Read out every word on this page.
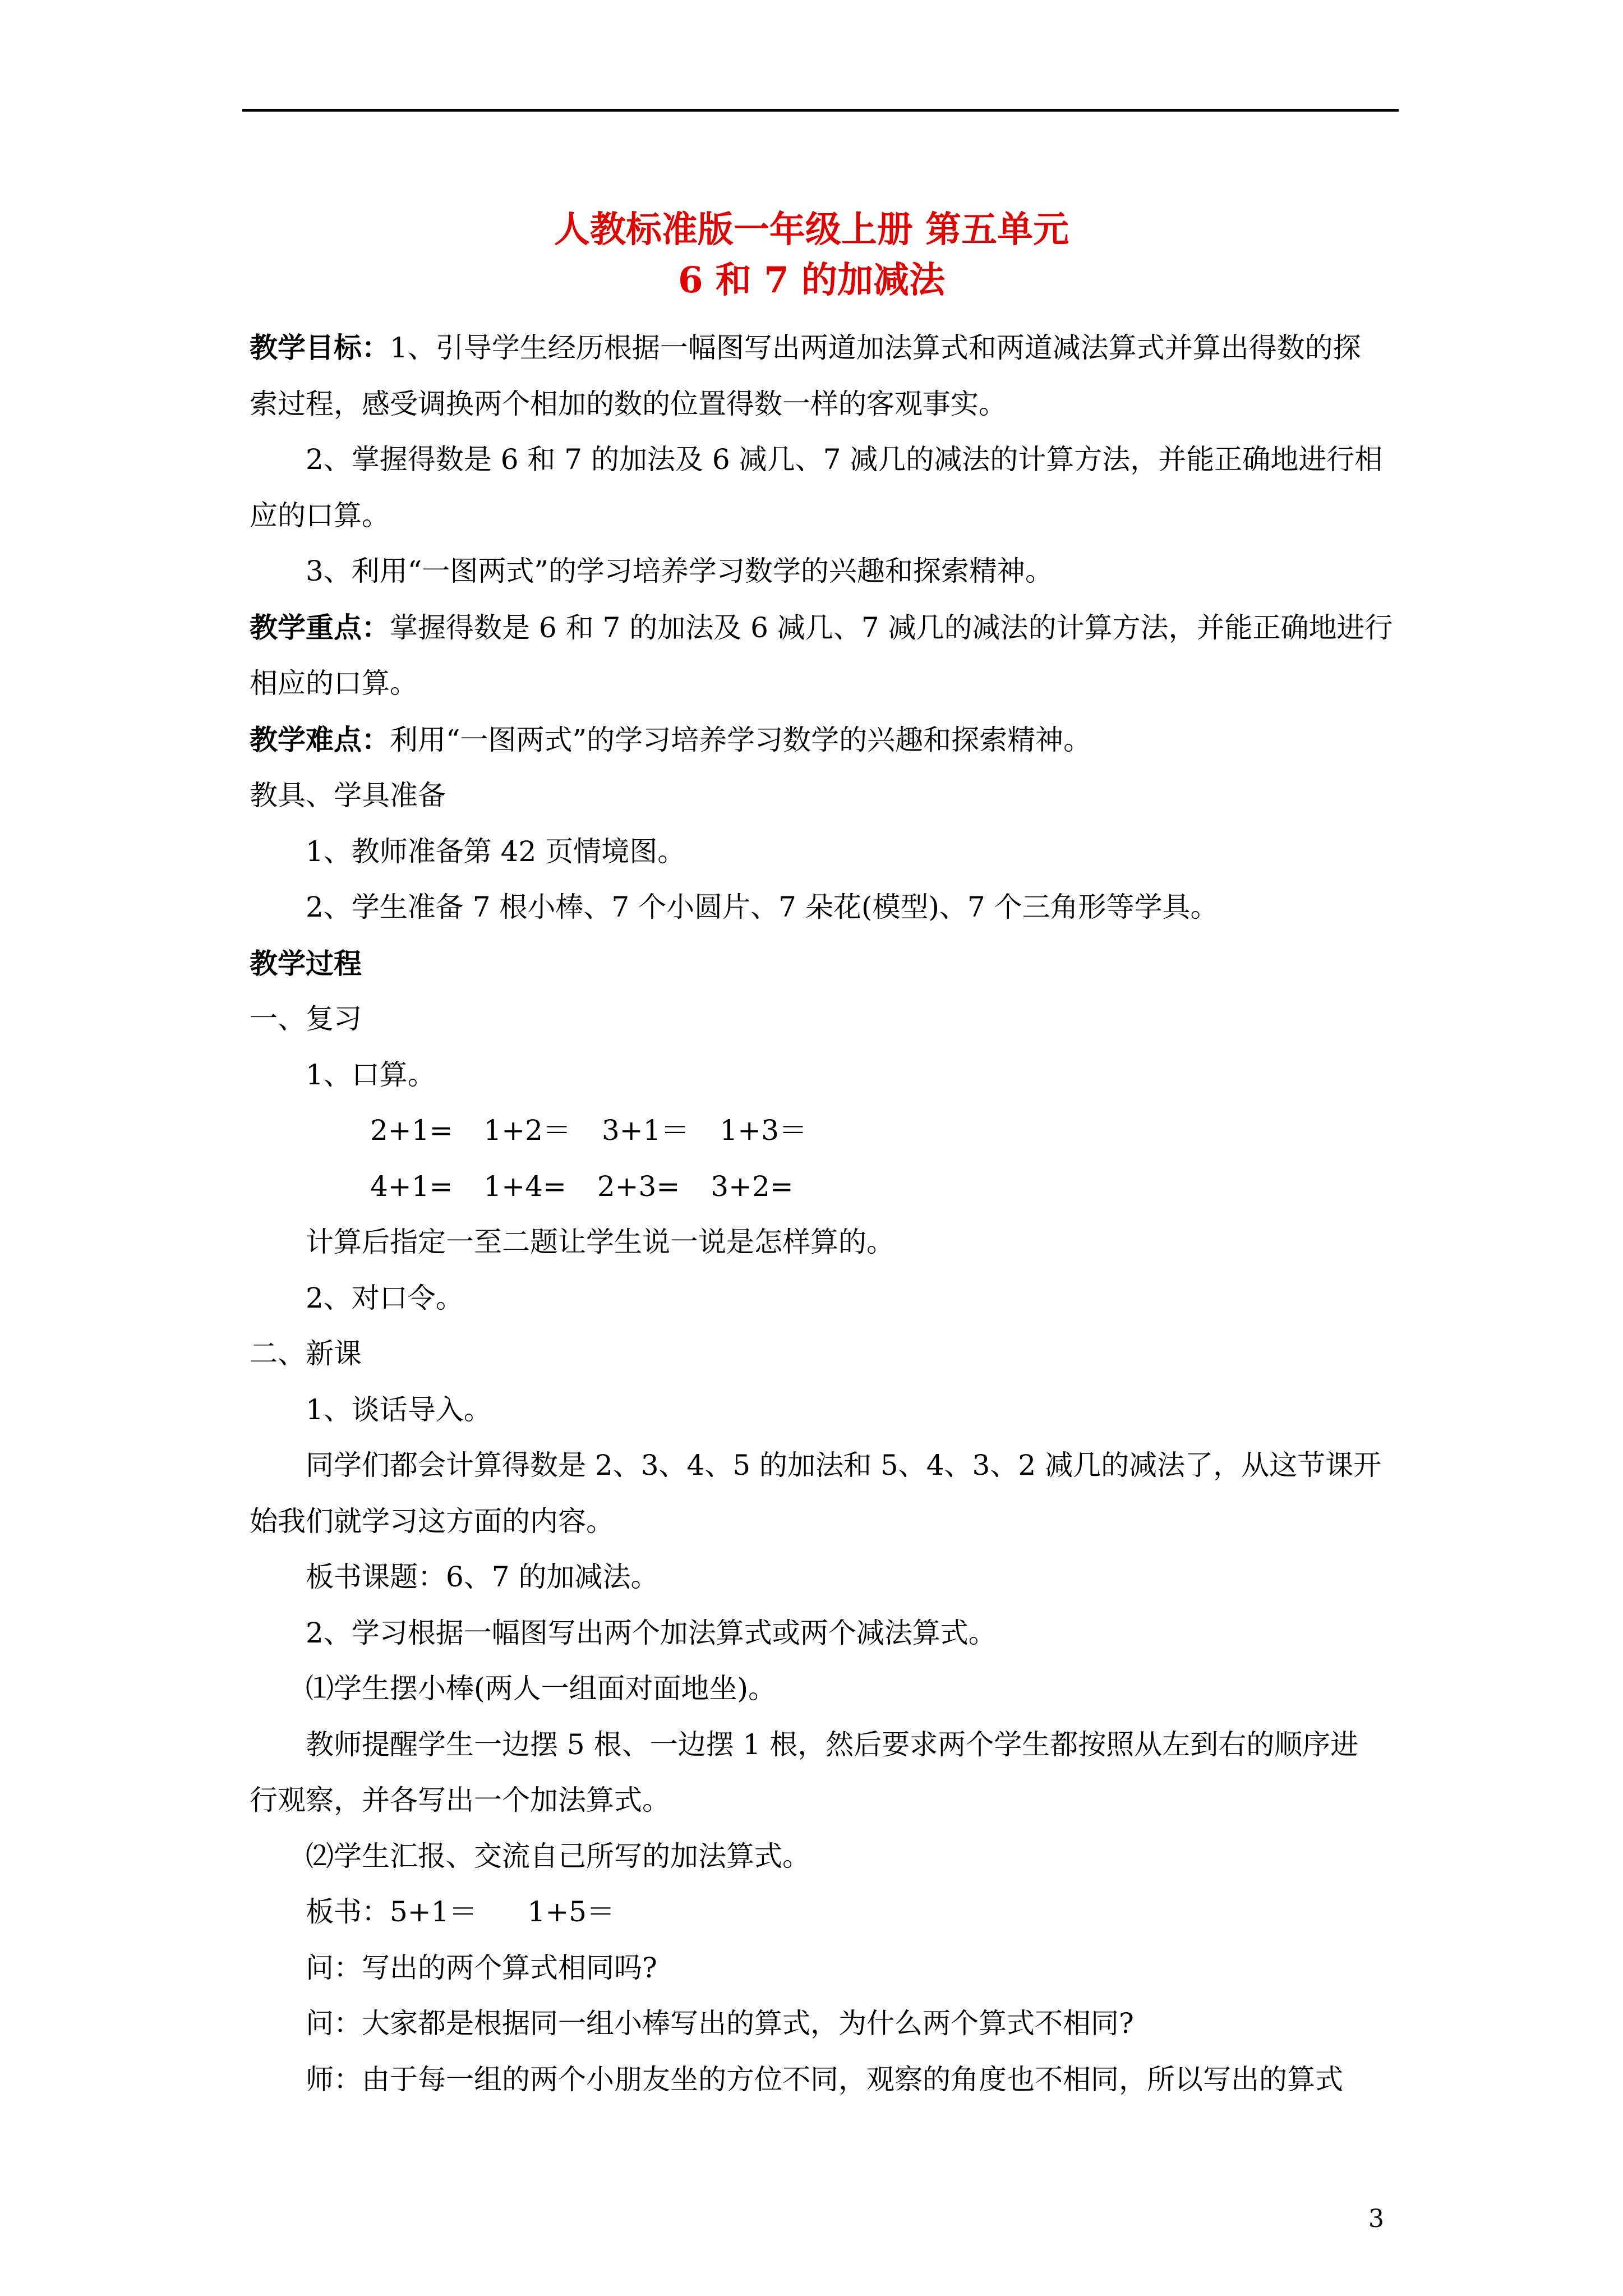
人教标准版一年级上册 第五单元
6 和 7 的加减法

教学目标：1、引导学生经历根据一幅图写出两道加法算式和两道减法算式并算出得数的探

索过程，感受调换两个相加的数的位置得数一样的客观事实。

2、掌握得数是 6 和 7 的加法及 6 减几、7 减几的减法的计算方法，并能正确地进行相

应的口算。

3、利用“一图两式”的学习培养学习数学的兴趣和探索精神。

教学重点：掌握得数是 6 和 7 的加法及 6 减几、7 减几的减法的计算方法，并能正确地进行

相应的口算。

教学难点：利用“一图两式”的学习培养学习数学的兴趣和探索精神。

教具、学具准备

1、教师准备第 42 页情境图。

2、学生准备 7 根小棒、7 个小圆片、7 朵花(模型)、7 个三角形等学具。

教学过程

一、复习

1、口算。

2+1= 1+2＝ 3+1＝ 1+3＝

4+1= 1+4= 2+3= 3+2=

计算后指定一至二题让学生说一说是怎样算的。

2、对口令。

二、新课

1、谈话导入。

同学们都会计算得数是 2、3、4、5 的加法和 5、4、3、2 减几的减法了，从这节课开

始我们就学习这方面的内容。

板书课题：6、7 的加减法。

2、学习根据一幅图写出两个加法算式或两个减法算式。

⑴学生摆小棒(两人一组面对面地坐)。

教师提醒学生一边摆 5 根、一边摆 1 根，然后要求两个学生都按照从左到右的顺序进

行观察，并各写出一个加法算式。

⑵学生汇报、交流自己所写的加法算式。

板书：5+1＝ 1+5＝

问：写出的两个算式相同吗?

问：大家都是根据同一组小棒写出的算式，为什么两个算式不相同?

师：由于每一组的两个小朋友坐的方位不同，观察的角度也不相同，所以写出的算式

3
